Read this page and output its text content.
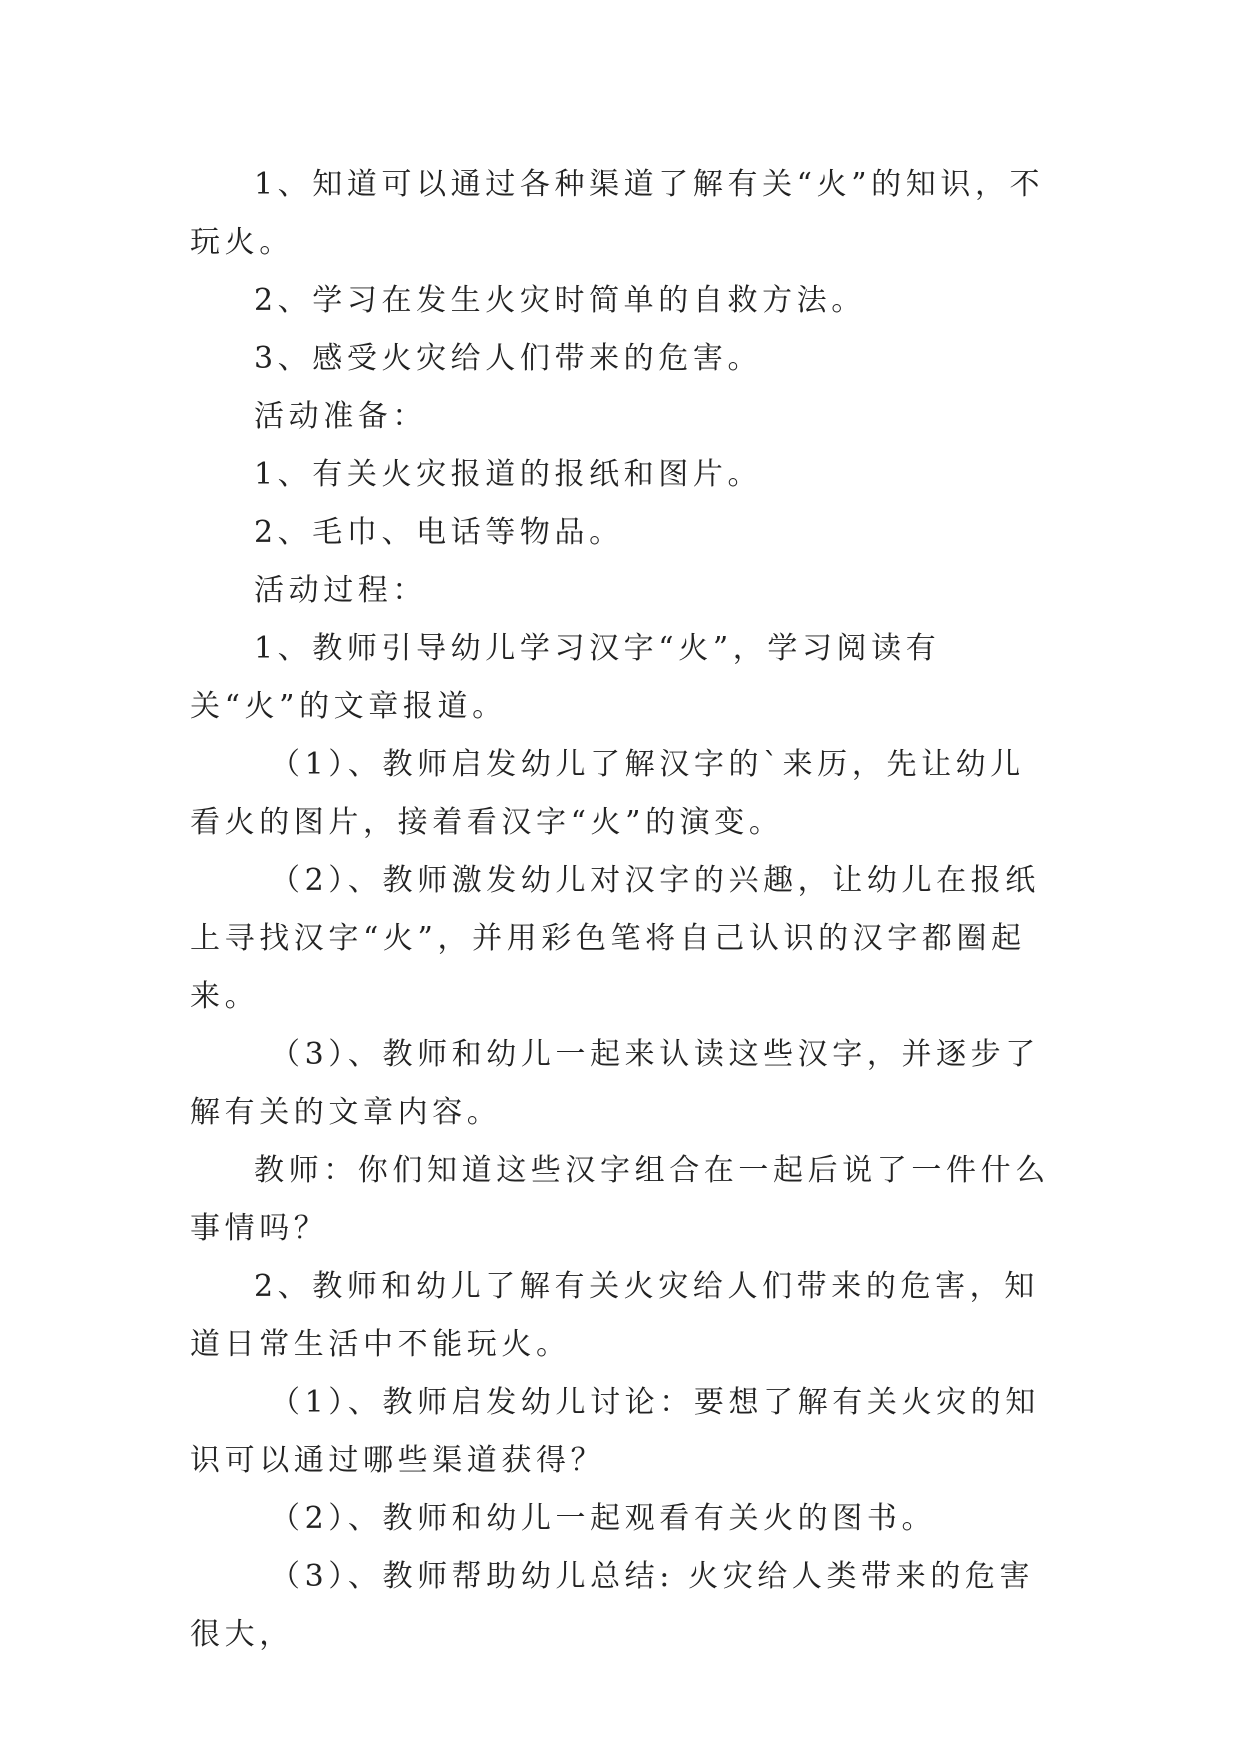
1、知道可以通过各种渠道了解有关“火”的知识，不玩火。

2、学习在发生火灾时简单的自救方法。

3、感受火灾给人们带来的危害。

活动准备：

1、有关火灾报道的报纸和图片。

2、毛巾、电话等物品。

活动过程：

1、教师引导幼儿学习汉字“火”，学习阅读有关“火”的文章报道。

（1）、教师启发幼儿了解汉字的`来历，先让幼儿看火的图片，接着看汉字“火”的演变。

（2）、教师激发幼儿对汉字的兴趣，让幼儿在报纸上寻找汉字“火”，并用彩色笔将自己认识的汉字都圈起来。

（3）、教师和幼儿一起来认读这些汉字，并逐步了解有关的文章内容。

教师：你们知道这些汉字组合在一起后说了一件什么事情吗？

2、教师和幼儿了解有关火灾给人们带来的危害，知道日常生活中不能玩火。

（1）、教师启发幼儿讨论：要想了解有关火灾的知识可以通过哪些渠道获得？

（2）、教师和幼儿一起观看有关火的图书。

（3）、教师帮助幼儿总结: 火灾给人类带来的危害很大，
